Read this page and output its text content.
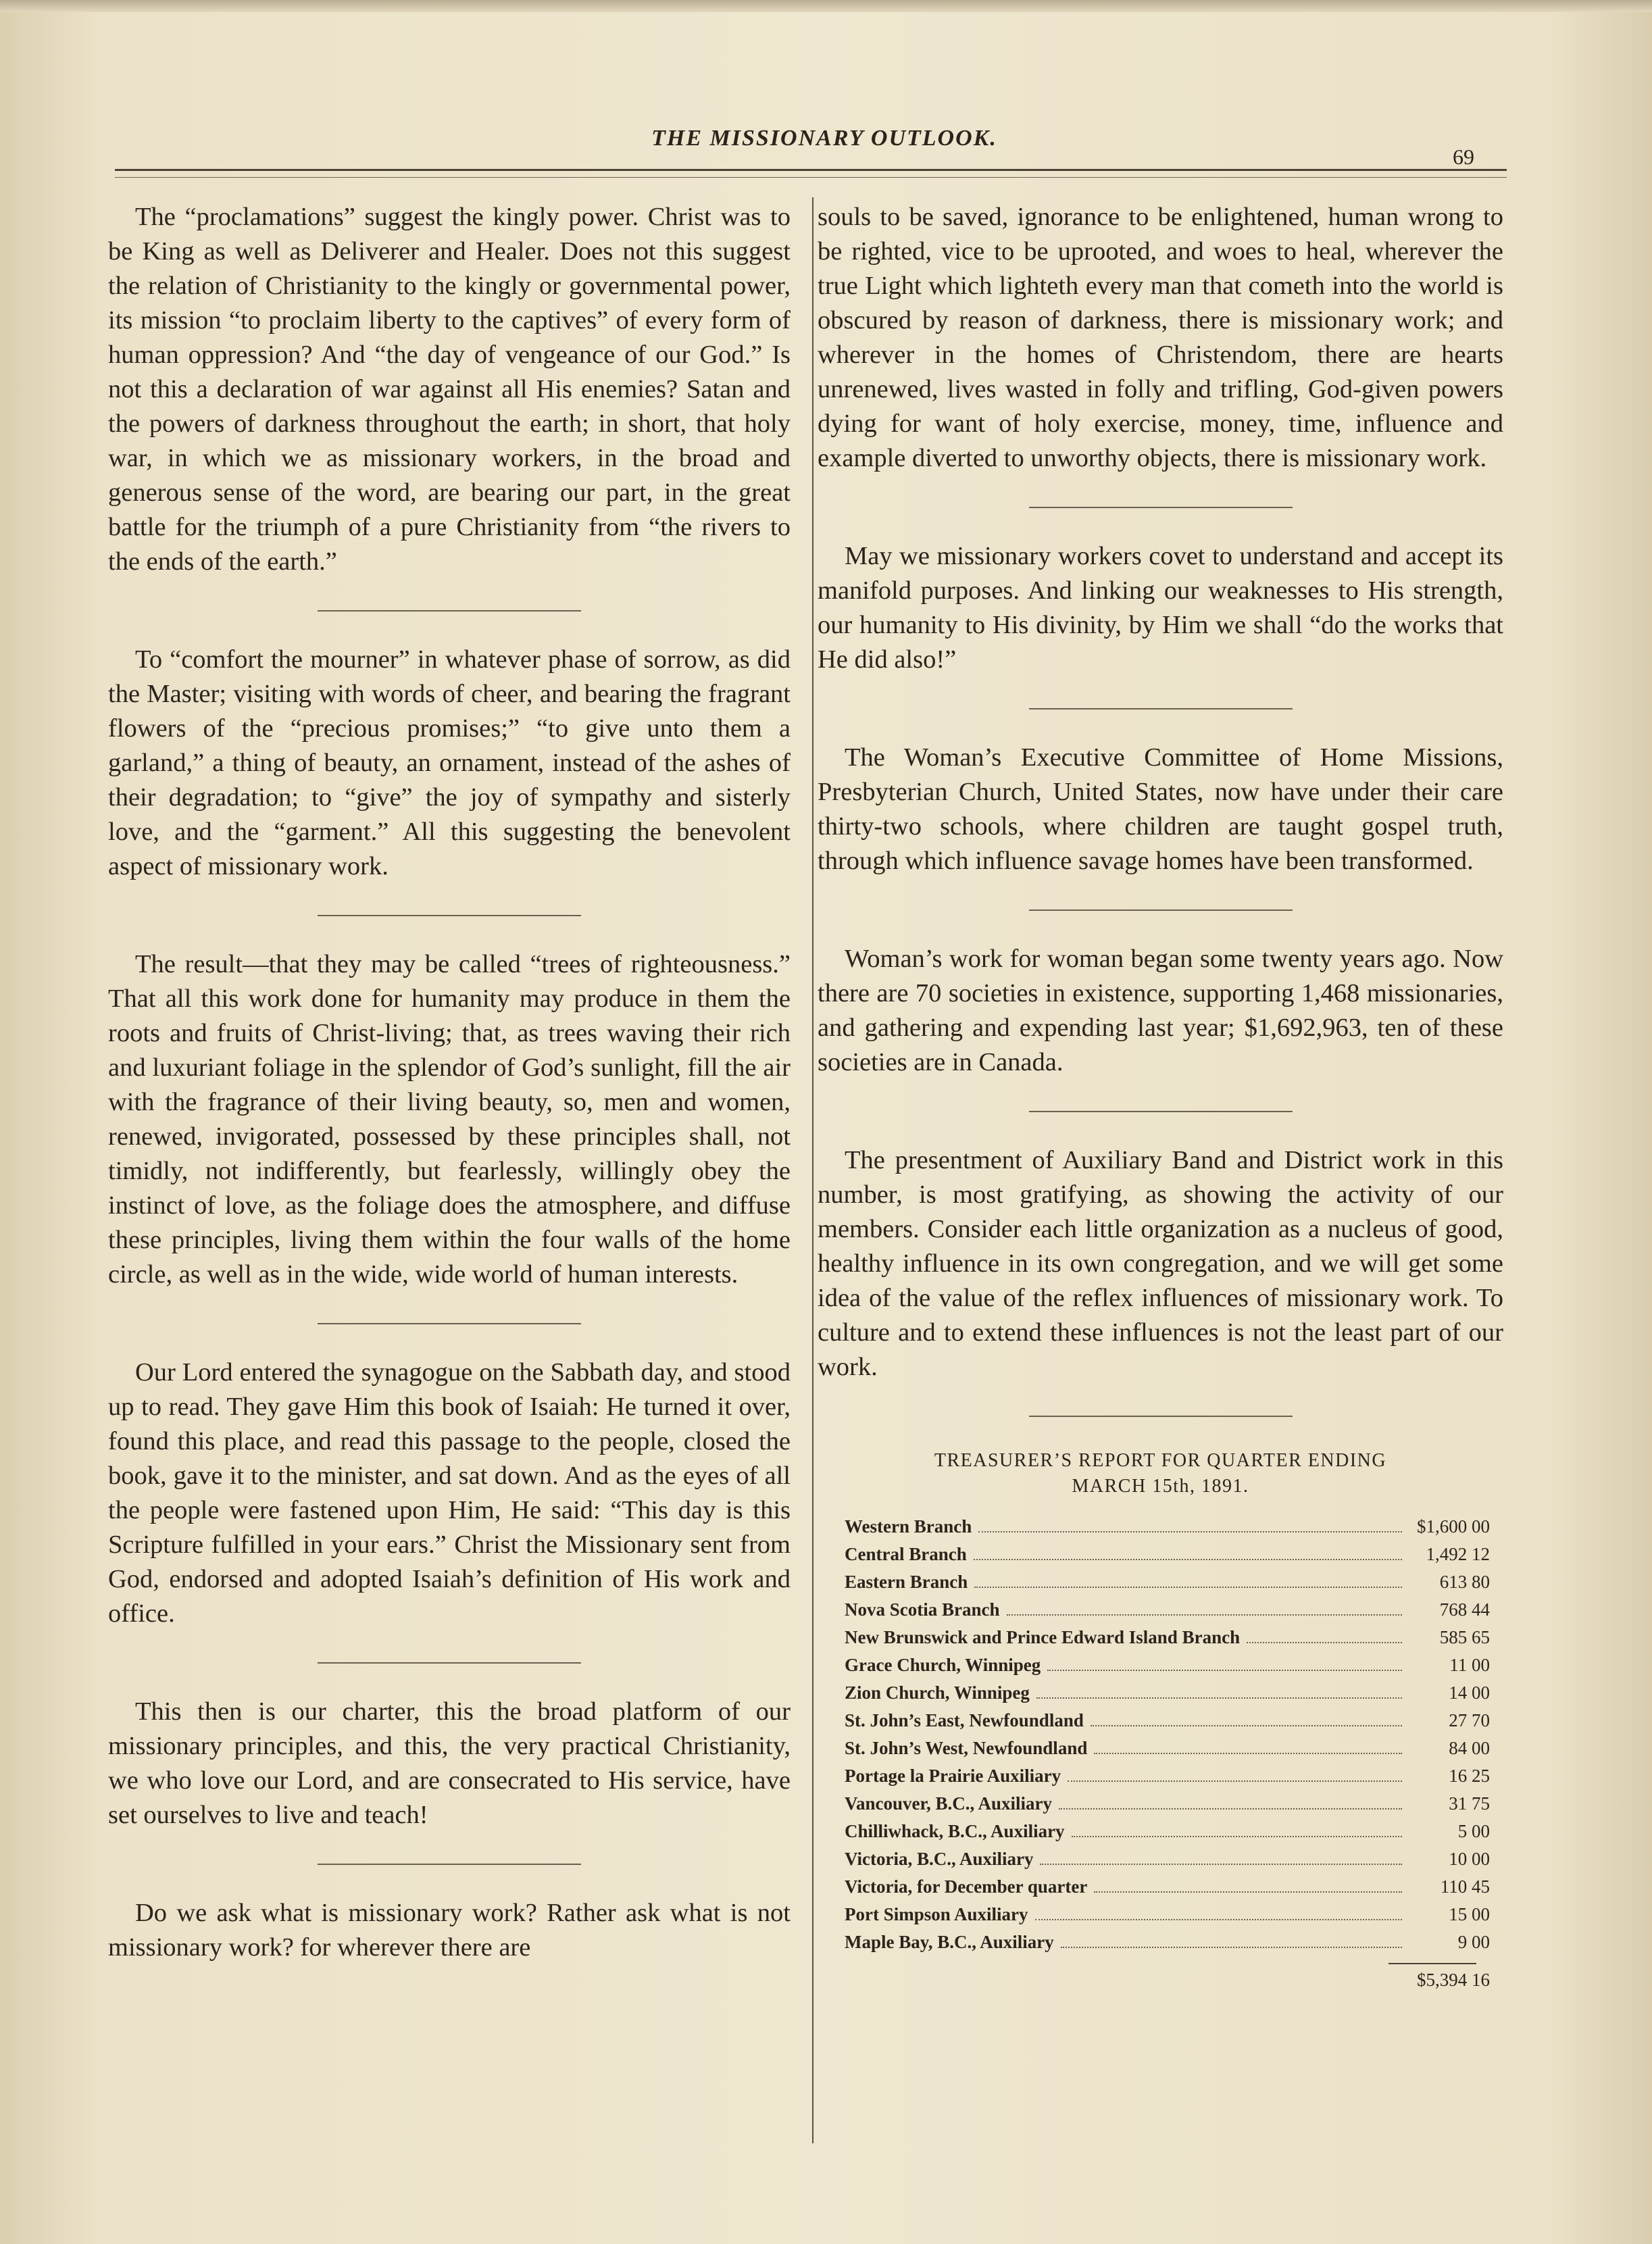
THE MISSIONARY OUTLOOK.
69

The “proclamations” suggest the kingly power. Christ was to be King as well as Deliverer and Healer. Does not this suggest the relation of Christianity to the kingly or governmental power, its mission “to proclaim liberty to the captives” of every form of human oppression? And “the day of vengeance of our God.” Is not this a declaration of war against all His enemies? Satan and the powers of darkness throughout the earth; in short, that holy war, in which we as missionary workers, in the broad and generous sense of the word, are bearing our part, in the great battle for the triumph of a pure Christianity from “the rivers to the ends of the earth.”

To “comfort the mourner” in whatever phase of sorrow, as did the Master; visiting with words of cheer, and bearing the fragrant flowers of the “precious promises;” “to give unto them a garland,” a thing of beauty, an ornament, instead of the ashes of their degradation; to “give” the joy of sympathy and sisterly love, and the “garment.” All this suggesting the benevolent aspect of missionary work.

The result—that they may be called “trees of righteousness.” That all this work done for humanity may produce in them the roots and fruits of Christ-living; that, as trees waving their rich and luxuriant foliage in the splendor of God’s sunlight, fill the air with the fragrance of their living beauty, so, men and women, renewed, invigorated, possessed by these principles shall, not timidly, not indifferently, but fearlessly, willingly obey the instinct of love, as the foliage does the atmosphere, and diffuse these principles, living them within the four walls of the home circle, as well as in the wide, wide world of human interests.

Our Lord entered the synagogue on the Sabbath day, and stood up to read. They gave Him this book of Isaiah: He turned it over, found this place, and read this passage to the people, closed the book, gave it to the minister, and sat down. And as the eyes of all the people were fastened upon Him, He said: “This day is this Scripture fulfilled in your ears.” Christ the Missionary sent from God, endorsed and adopted Isaiah’s definition of His work and office.

This then is our charter, this the broad platform of our missionary principles, and this, the very practical Christianity, we who love our Lord, and are consecrated to His service, have set ourselves to live and teach!

Do we ask what is missionary work? Rather ask what is not missionary work? for wherever there are

souls to be saved, ignorance to be enlightened, human wrong to be righted, vice to be uprooted, and woes to heal, wherever the true Light which lighteth every man that cometh into the world is obscured by reason of darkness, there is missionary work; and wherever in the homes of Christendom, there are hearts unrenewed, lives wasted in folly and trifling, God-given powers dying for want of holy exercise, money, time, influence and example diverted to unworthy objects, there is missionary work.

May we missionary workers covet to understand and accept its manifold purposes. And linking our weaknesses to His strength, our humanity to His divinity, by Him we shall “do the works that He did also!”

The Woman’s Executive Committee of Home Missions, Presbyterian Church, United States, now have under their care thirty-two schools, where children are taught gospel truth, through which influence savage homes have been transformed.

Woman’s work for woman began some twenty years ago. Now there are 70 societies in existence, supporting 1,468 missionaries, and gathering and expending last year; $1,692,963, ten of these societies are in Canada.

The presentment of Auxiliary Band and District work in this number, is most gratifying, as showing the activity of our members. Consider each little organization as a nucleus of good, healthy influence in its own congregation, and we will get some idea of the value of the reflex influences of missionary work. To culture and to extend these influences is not the least part of our work.

TREASURER’S REPORT FOR QUARTER ENDING
MARCH 15th, 1891.
Western Branch	$1,600 00
Central Branch	1,492 12
Eastern Branch	613 80
Nova Scotia Branch	768 44
New Brunswick and Prince Edward Island Branch	585 65
Grace Church, Winnipeg	11 00
Zion Church, Winnipeg	14 00
St. John’s East, Newfoundland	27 70
St. John’s West, Newfoundland	84 00
Portage la Prairie Auxiliary	16 25
Vancouver, B.C., Auxiliary	31 75
Chilliwhack, B.C., Auxiliary	5 00
Victoria, B.C., Auxiliary	10 00
Victoria, for December quarter	110 45
Port Simpson Auxiliary	15 00
Maple Bay, B.C., Auxiliary	9 00
$5,394 16
